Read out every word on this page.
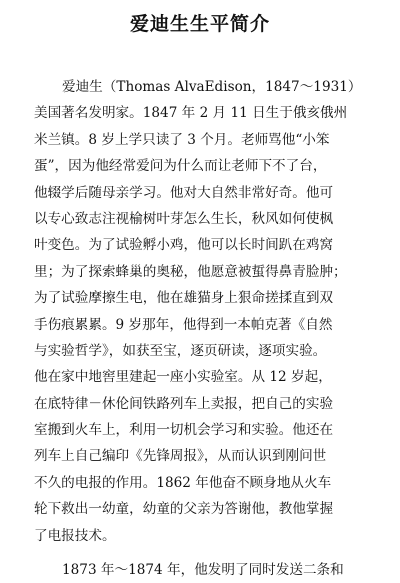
爱迪生生平简介
爱迪生（Thomas AlvaEdison，1847～1931）
美国著名发明家。1847 年 2 月 11 日生于俄亥俄州
米兰镇。8 岁上学只读了 3 个月。老师骂他“小笨
蛋”，因为他经常爱问为什么而让老师下不了台，
他辍学后随母亲学习。他对大自然非常好奇。他可
以专心致志注视榆树叶芽怎么生长，秋风如何使枫
叶变色。为了试验孵小鸡，他可以长时间趴在鸡窝
里；为了探索蜂巢的奥秘，他愿意被蜇得鼻青脸肿；
为了试验摩擦生电，他在雄猫身上狠命搓揉直到双
手伤痕累累。9 岁那年，他得到一本帕克著《自然
与实验哲学》，如获至宝，逐页研读，逐项实验。
他在家中地窖里建起一座小实验室。从 12 岁起，
在底特律－休伦间铁路列车上卖报，把自己的实验
室搬到火车上，利用一切机会学习和实验。他还在
列车上自己编印《先锋周报》，从而认识到刚问世
不久的电报的作用。1862 年他奋不顾身地从火车
轮下救出一幼童，幼童的父亲为答谢他，教他掌握
了电报技术。
1873 年～1874 年，他发明了同时发送二条和
